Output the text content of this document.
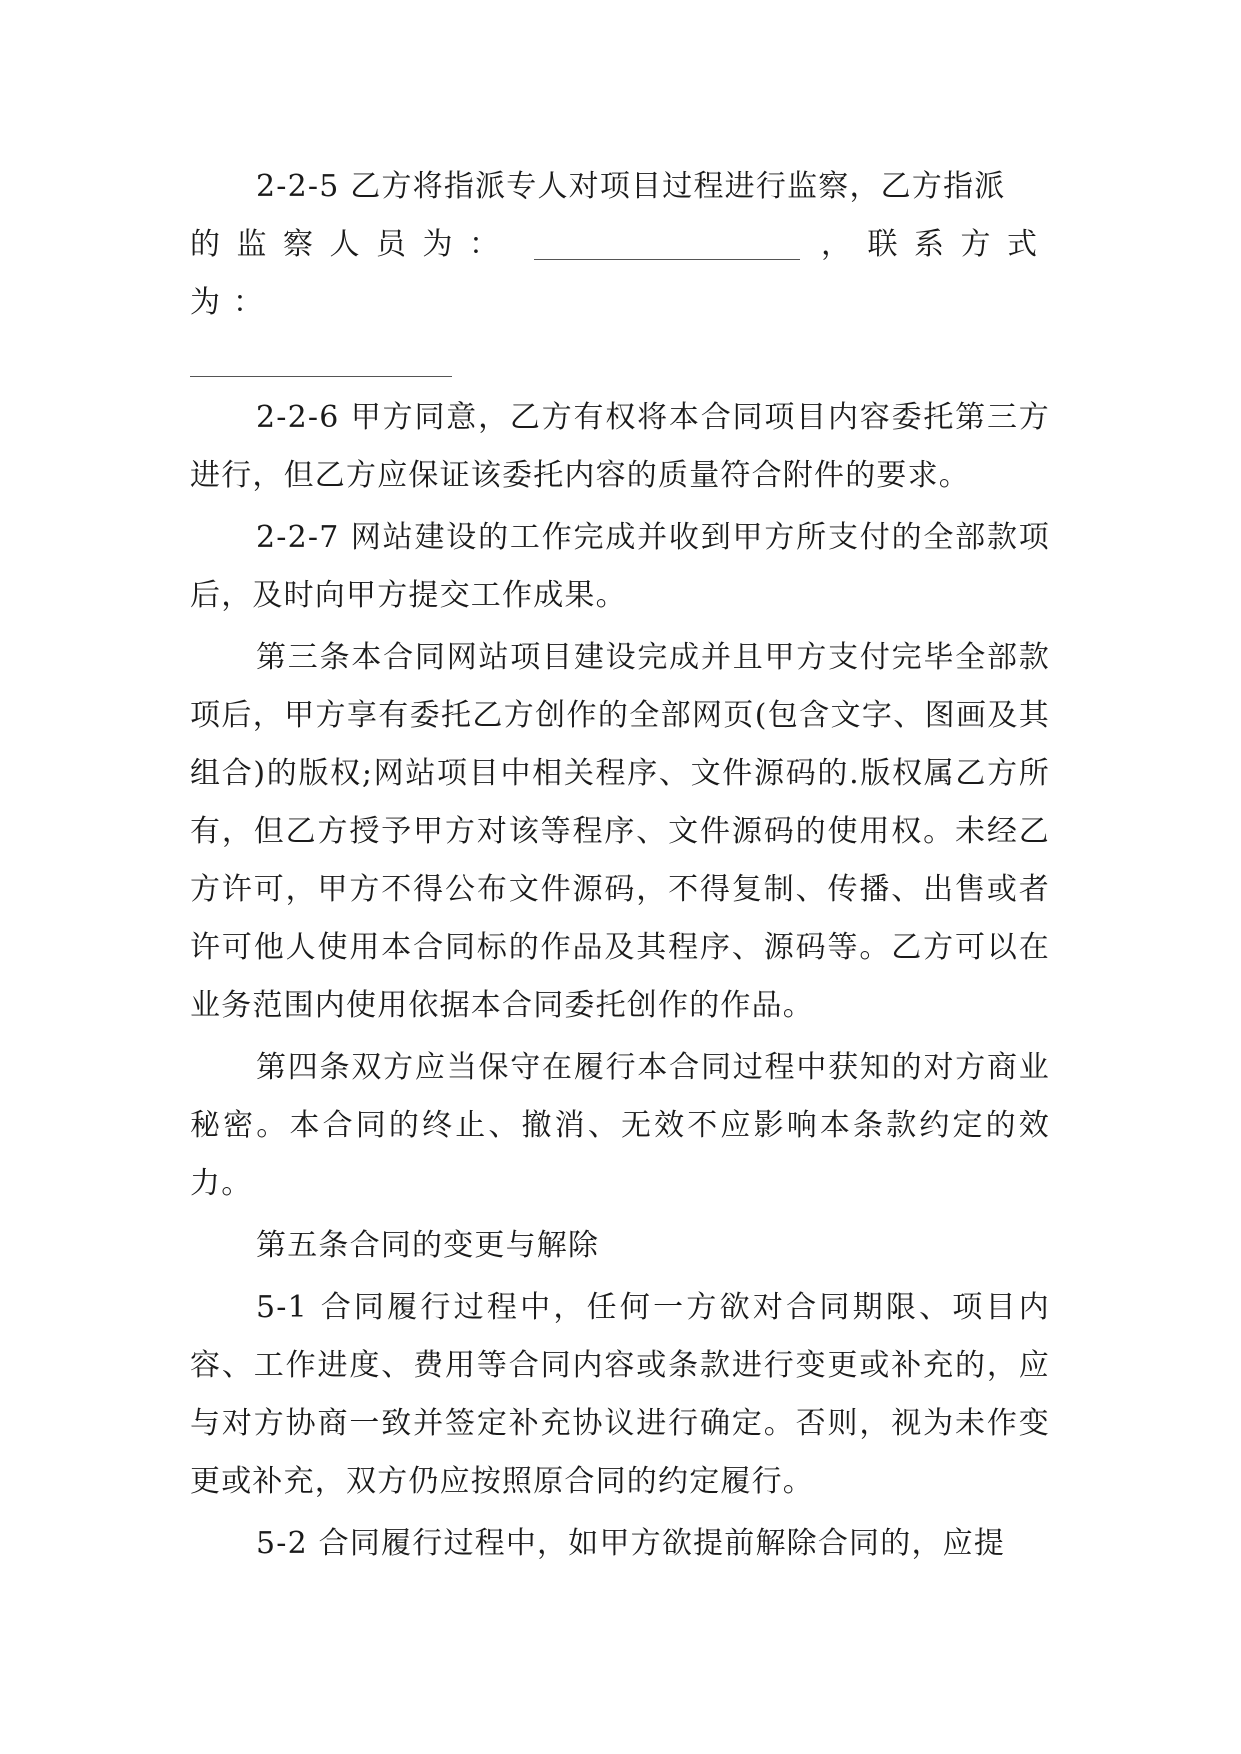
2-2-5 乙方将指派专人对项目过程进行监察，乙方指派
的监察人员为：	，联系方式为：

2-2-6 甲方同意，乙方有权将本合同项目内容委托第三方进行，但乙方应保证该委托内容的质量符合附件的要求。

2-2-7 网站建设的工作完成并收到甲方所支付的全部款项后，及时向甲方提交工作成果。

第三条本合同网站项目建设完成并且甲方支付完毕全部款项后，甲方享有委托乙方创作的全部网页(包含文字、图画及其组合)的版权;网站项目中相关程序、文件源码的.版权属乙方所有，但乙方授予甲方对该等程序、文件源码的使用权。未经乙方许可，甲方不得公布文件源码，不得复制、传播、出售或者许可他人使用本合同标的作品及其程序、源码等。乙方可以在业务范围内使用依据本合同委托创作的作品。

第四条双方应当保守在履行本合同过程中获知的对方商业秘密。本合同的终止、撤消、无效不应影响本条款约定的效力。

第五条合同的变更与解除

5-1 合同履行过程中，任何一方欲对合同期限、项目内容、工作进度、费用等合同内容或条款进行变更或补充的，应与对方协商一致并签定补充协议进行确定。否则，视为未作变更或补充，双方仍应按照原合同的约定履行。

5-2 合同履行过程中，如甲方欲提前解除合同的，应提
